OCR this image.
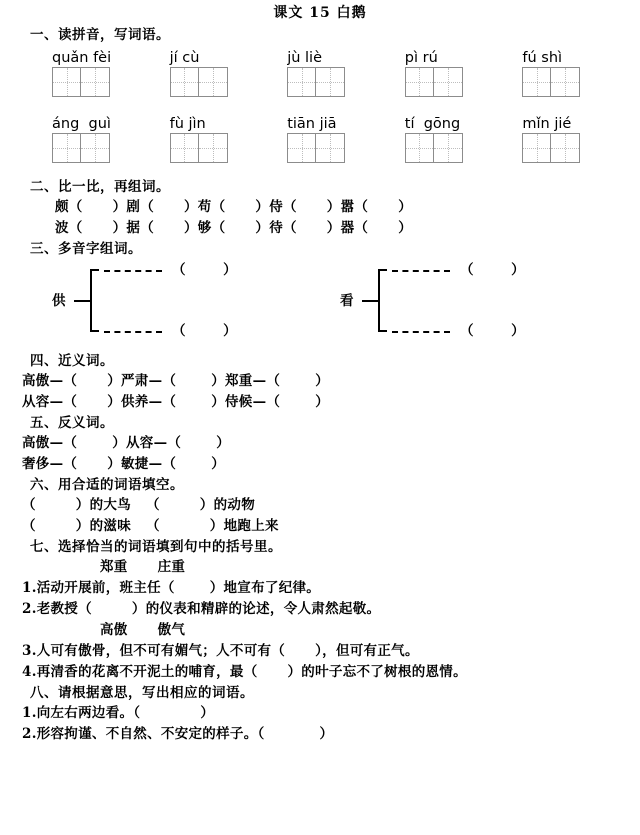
课文 15 白鹅
一、读拼音，写词语。
quǎn fèi	jí cù	jù liè	pì rú	fú shì
áng  guì	fù jìn	tiān jiā	tí  gōng	mǐn jié
二、比一比，再组词。
颇（      ）剧（      ）苟（      ）侍（      ）嚣（      ）
波（      ）据（      ）够（      ）待（      ）器（      ）
三、多音字组词。
供
（        ）
（        ）
看
（        ）
（        ）
四、近义词。
高傲—（      ）严肃—（       ）郑重—（       ）
从容—（      ）供养—（       ）侍候—（       ）
五、反义词。
高傲—（       ）从容—（       ）
奢侈—（      ）敏捷—（       ）
六、用合适的词语填空。
（        ）的大鸟   （        ）的动物
（        ）的滋味   （          ）地跑上来
七、选择恰当的词语填到句中的括号里。
郑重      庄重
1.活动开展前，班主任（       ）地宣布了纪律。
2.老教授（        ）的仪表和精辟的论述，令人肃然起敬。
高傲      傲气
3.人可有傲骨，但不可有媚气；人不可有（      ），但可有正气。
4.再清香的花离不开泥土的哺育，最（      ）的叶子忘不了树根的恩情。
八、请根据意思，写出相应的词语。
1.向左右两边看。（            ）
2.形容拘谨、不自然、不安定的样子。（           ）
